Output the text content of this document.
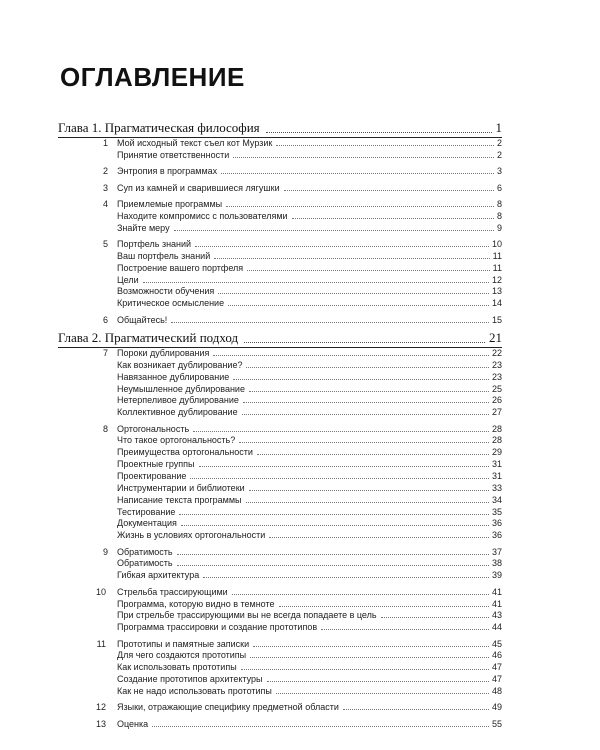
ОГЛАВЛЕНИЕ
Глава 1. Прагматическая философия	1
1 Мой исходный текст съел кот Мурзик	2
Принятие ответственности	2
2 Энтропия в программах	3
3 Суп из камней и сварившиеся лягушки	6
4 Приемлемые программы	8
Находите компромисс с пользователями	8
Знайте меру	9
5 Портфель знаний	10
Ваш портфель знаний	11
Построение вашего портфеля	11
Цели	12
Возможности обучения	13
Критическое осмысление	14
6 Общайтесь!	15
Глава 2. Прагматический подход	21
7 Пороки дублирования	22
Как возникает дублирование?	23
Навязанное дублирование	23
Неумышленное дублирование	25
Нетерпеливое дублирование	26
Коллективное дублирование	27
8 Ортогональность	28
Что такое ортогональность?	28
Преимущества ортогональности	29
Проектные группы	31
Проектирование	31
Инструментарии и библиотеки	33
Написание текста программы	34
Тестирование	35
Документация	36
Жизнь в условиях ортогональности	36
9 Обратимость	37
Обратимость	38
Гибкая архитектура	39
10 Стрельба трассирующими	41
Программа, которую видно в темноте	41
При стрельбе трассирующими вы не всегда попадаете в цель	43
Программа трассировки и создание прототипов	44
11 Прототипы и памятные записки	45
Для чего создаются прототипы	46
Как использовать прототипы	47
Создание прототипов архитектуры	47
Как не надо использовать прототипы	48
12 Языки, отражающие специфику предметной области	49
13 Оценка	55
